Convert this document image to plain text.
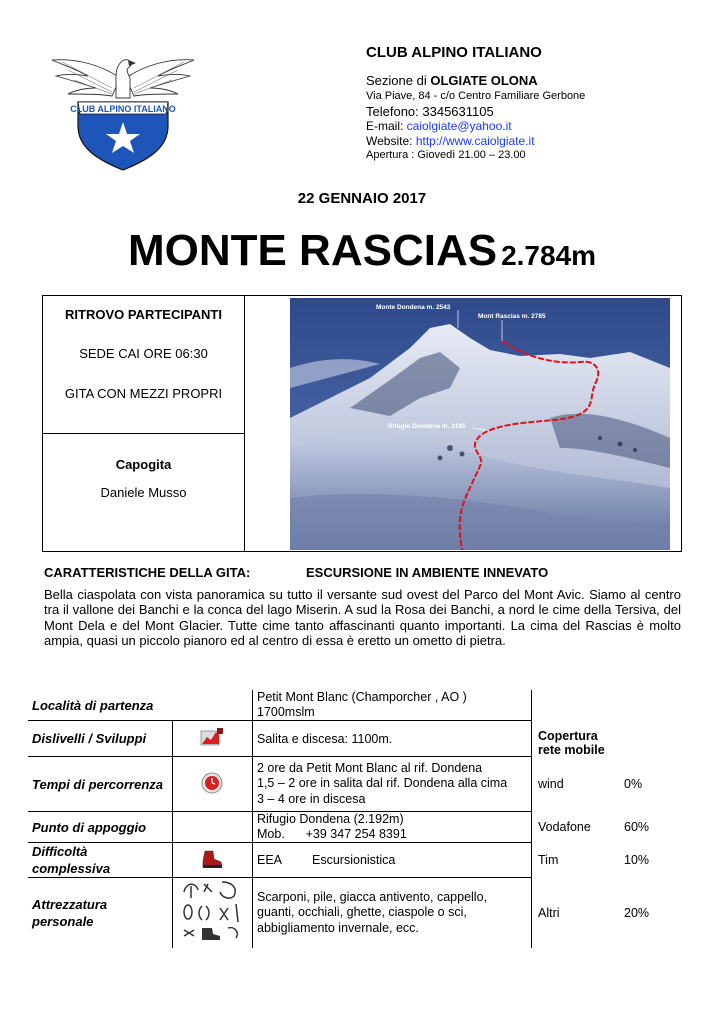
CLUB ALPINO ITALIANO
CLUB ALPINO ITALIANO
Sezione di OLGIATE OLONA
Via Piave, 84 - c/o Centro Familiare Gerbone
Telefono: 3345631105
E-mail: caiolgiate@yahoo.it
Website: http://www.caiolgiate.it
Apertura : Giovedì 21.00 – 23.00
22 GENNAIO 2017
MONTE RASCIAS 2.784m
RITROVO PARTECIPANTI
SEDE CAI ORE 06:30
GITA CON MEZZI PROPRI
Capogita
Daniele Musso
Monte Dondena m. 2543
Mont Rascias m. 2785
Rifugio Dondena m. 2185
CARATTERISTICHE DELLA GITA:	ESCURSIONE IN AMBIENTE INNEVATO
Bella ciaspolata con vista panoramica su tutto il versante sud ovest del Parco del Mont Avic. Siamo al centro tra il vallone dei Banchi e la conca del lago Miserin. A sud la Rosa dei Banchi, a nord le cime della Tersiva, del Mont Dela e del Mont Glacier. Tutte cime tanto affascinanti quanto importanti. La cima del Rascias è molto ampia, quasi un piccolo pianoro ed al centro di essa è eretto un ometto di pietra.
Località di partenza		Petit Mont Blanc (Champorcher , AO )
1700mslm	Copertura rete mobile	
Dislivelli / Sviluppi		Salita e discesa: 1100m.		
Tempi di percorrenza		2 ore da Petit Mont Blanc al rif. Dondena
1,5 – 2 ore in salita dal rif. Dondena alla cima
3 – 4 ore in discesa	wind	0%
Punto di appoggio		Rifugio Dondena (2.192m)
Mob.      +39 347 254 8391	Vodafone	60%
Difficoltà complessiva		EEA Escursionistica	Tim	10%
Attrezzatura personale		Scarponi, pile, giacca antivento, cappello, guanti, occhiali, ghette, ciaspole o sci, abbigliamento invernale, ecc.	Altri	20%
